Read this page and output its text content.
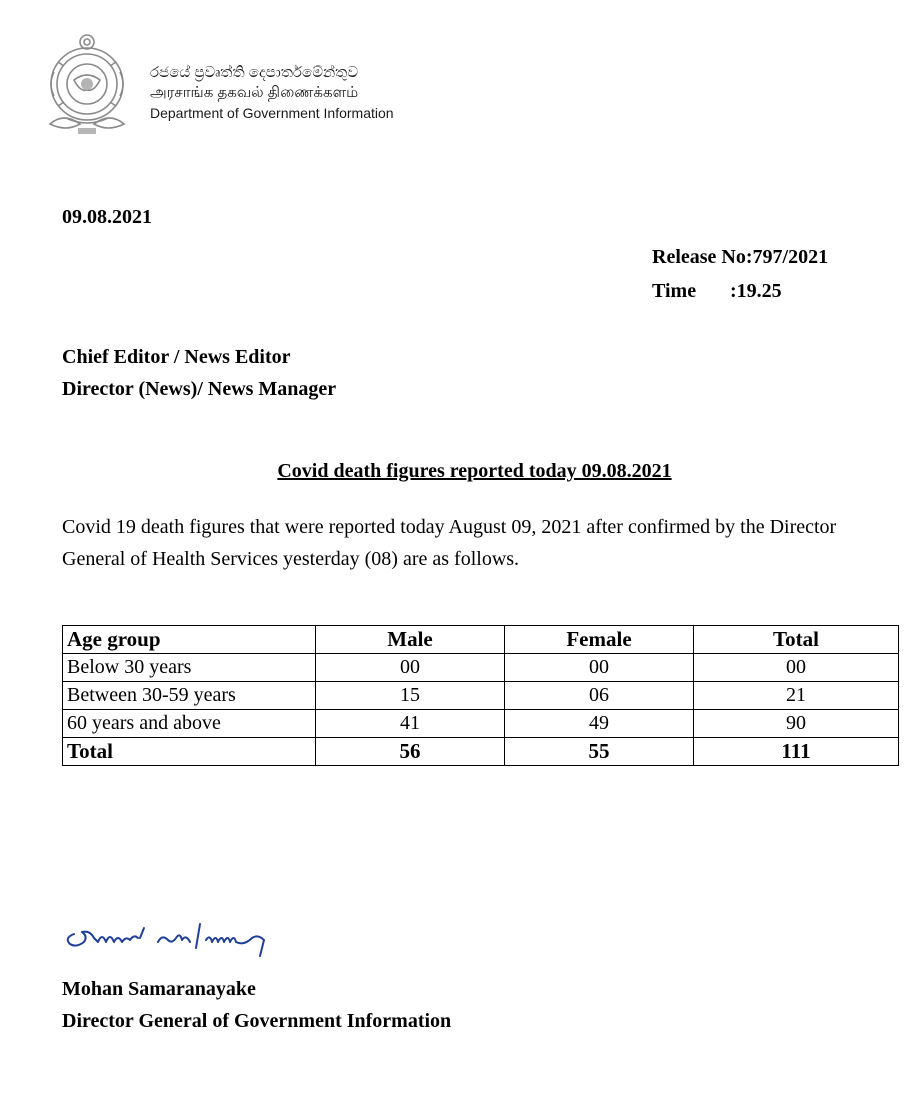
රජයේ ප්‍රවෘත්ති දෙපාර්තමේන්තුව
அரசாங்க தகவல் திணைக்களம்
Department of Government Information
09.08.2021
Release No:797/2021
Time	:19.25
Chief Editor / News Editor
Director (News)/ News Manager
Covid death figures reported today 09.08.2021
Covid 19 death figures that were reported today August 09, 2021 after confirmed by the Director General of Health Services yesterday (08) are as follows.
Age group	Male	Female	Total
Below 30 years	00	00	00
Between 30-59 years	15	06	21
60 years and above	41	49	90
Total	56	55	111
Mohan Samaranayake
Director General of Government Information
